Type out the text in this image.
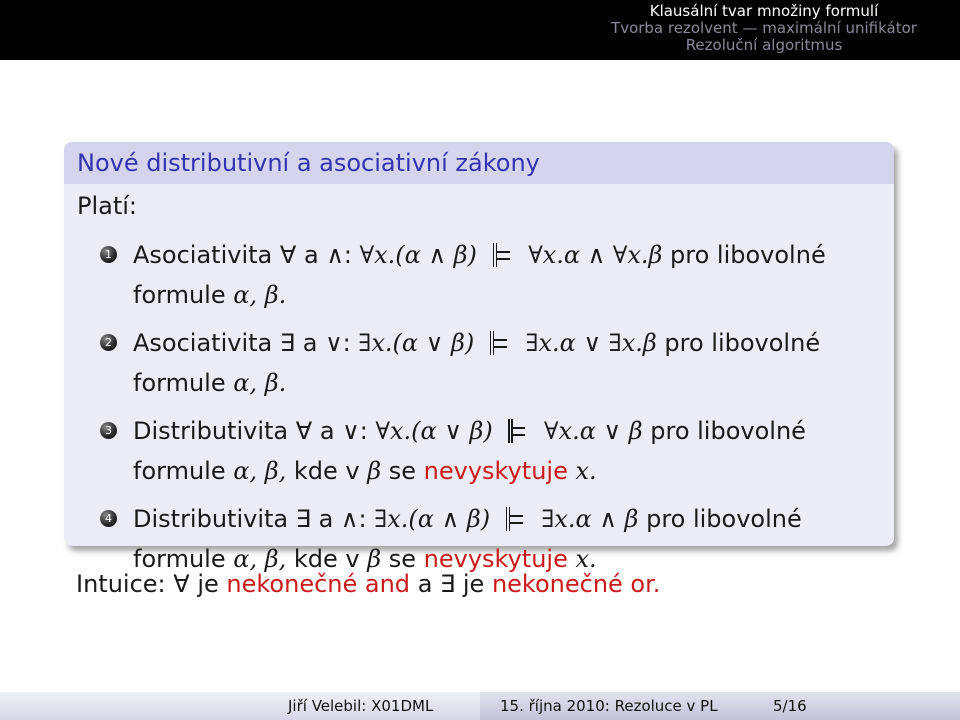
Klausální tvar množiny formulí
Tvorba rezolvent — maximální unifikátor
Rezoluční algoritmus
Nové distributivní a asociativní zákony
Platí:
1 Asociativita ∀ a ∧: ∀x.(α ∧ β) ∀x.α ∧ ∀x.β pro libovolné
formule α, β.
2 Asociativita ∃ a ∨: ∃x.(α ∨ β) ∃x.α ∨ ∃x.β pro libovolné
formule α, β.
3 Distributivita ∀ a ∨: ∀x.(α ∨ β) ∀x.α ∨ β pro libovolné
formule α, β, kde v β se nevyskytuje x.
4 Distributivita ∃ a ∧: ∃x.(α ∧ β) ∃x.α ∧ β pro libovolné
formule α, β, kde v β se nevyskytuje x.
Intuice: ∀ je nekonečné and a ∃ je nekonečné or.
Jiří Velebil: X01DML	15. října 2010: Rezoluce v PL	5/16
